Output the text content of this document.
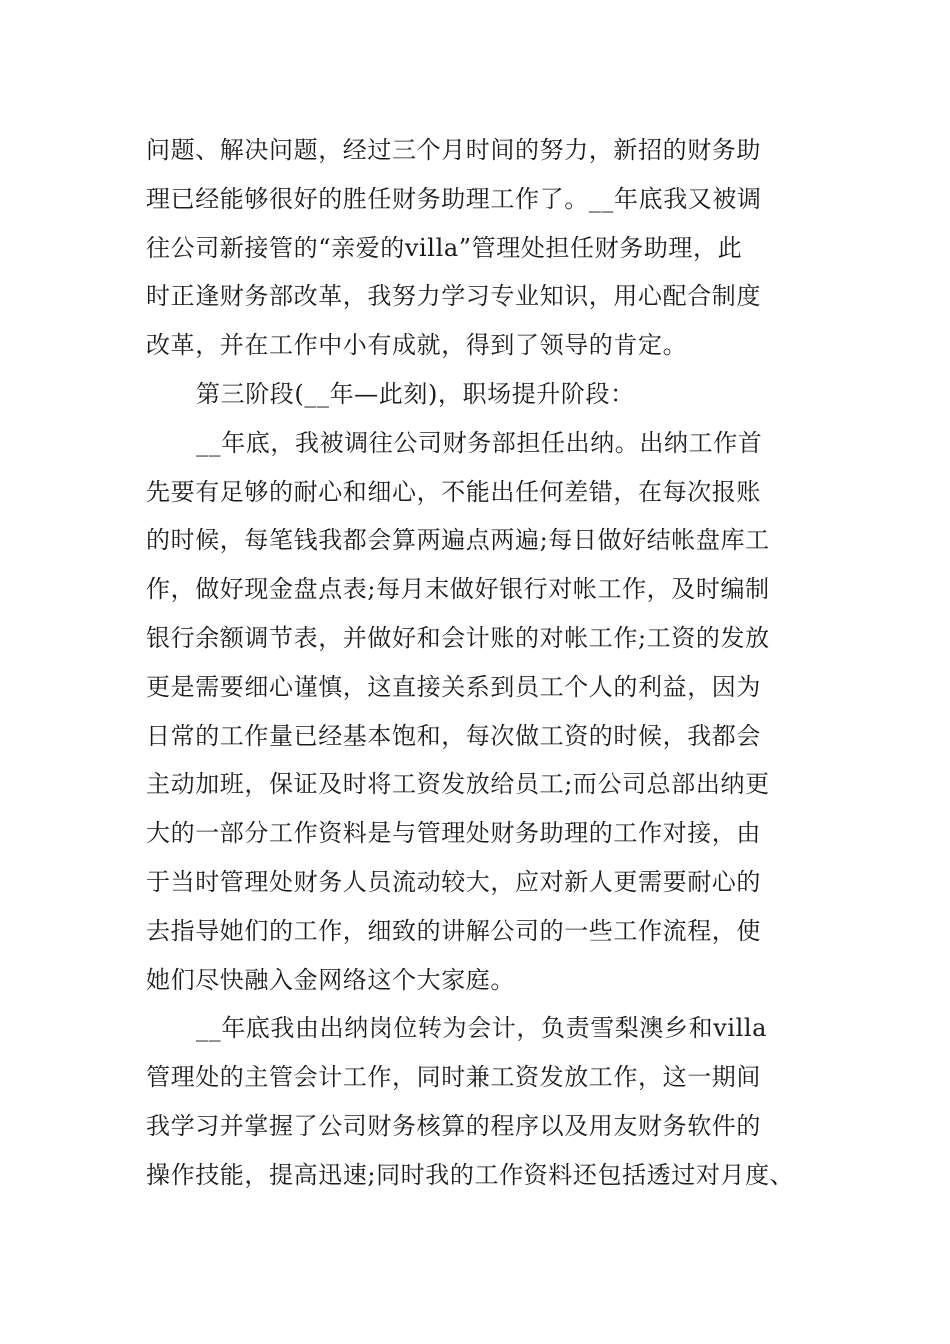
问题、解决问题，经过三个月时间的努力，新招的财务助
理已经能够很好的胜任财务助理工作了。__年底我又被调
往公司新接管的“亲爱的villa”管理处担任财务助理，此
时正逢财务部改革，我努力学习专业知识，用心配合制度
改革，并在工作中小有成就，得到了领导的肯定。
第三阶段(__年—此刻)，职场提升阶段：
__年底，我被调往公司财务部担任出纳。出纳工作首
先要有足够的耐心和细心，不能出任何差错，在每次报账
的时候，每笔钱我都会算两遍点两遍;每日做好结帐盘库工
作，做好现金盘点表;每月末做好银行对帐工作，及时编制
银行余额调节表，并做好和会计账的对帐工作;工资的发放
更是需要细心谨慎，这直接关系到员工个人的利益，因为
日常的工作量已经基本饱和，每次做工资的时候，我都会
主动加班，保证及时将工资发放给员工;而公司总部出纳更
大的一部分工作资料是与管理处财务助理的工作对接，由
于当时管理处财务人员流动较大，应对新人更需要耐心的
去指导她们的工作，细致的讲解公司的一些工作流程，使
她们尽快融入金网络这个大家庭。
__年底我由出纳岗位转为会计，负责雪梨澳乡和villa
管理处的主管会计工作，同时兼工资发放工作，这一期间
我学习并掌握了公司财务核算的程序以及用友财务软件的
操作技能，提高迅速;同时我的工作资料还包括透过对月度、
